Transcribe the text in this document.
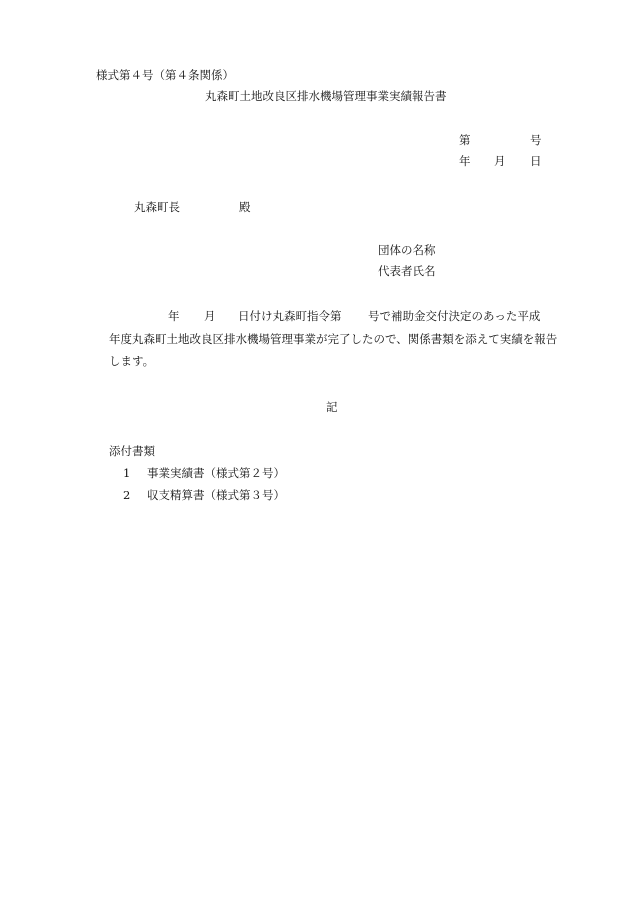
様式第４号（第４条関係）
丸森町土地改良区排水機場管理事業実績報告書
第	号
年 月 日
丸森町長	殿
団体の名称
代表者氏名
年 月 日付け丸森町指令第 号で補助金交付決定のあった平成
年度丸森町土地改良区排水機場管理事業が完了したので、関係書類を添えて実績を報告
します。
記
添付書類
1 事業実績書（様式第２号）
2 収支精算書（様式第３号）
